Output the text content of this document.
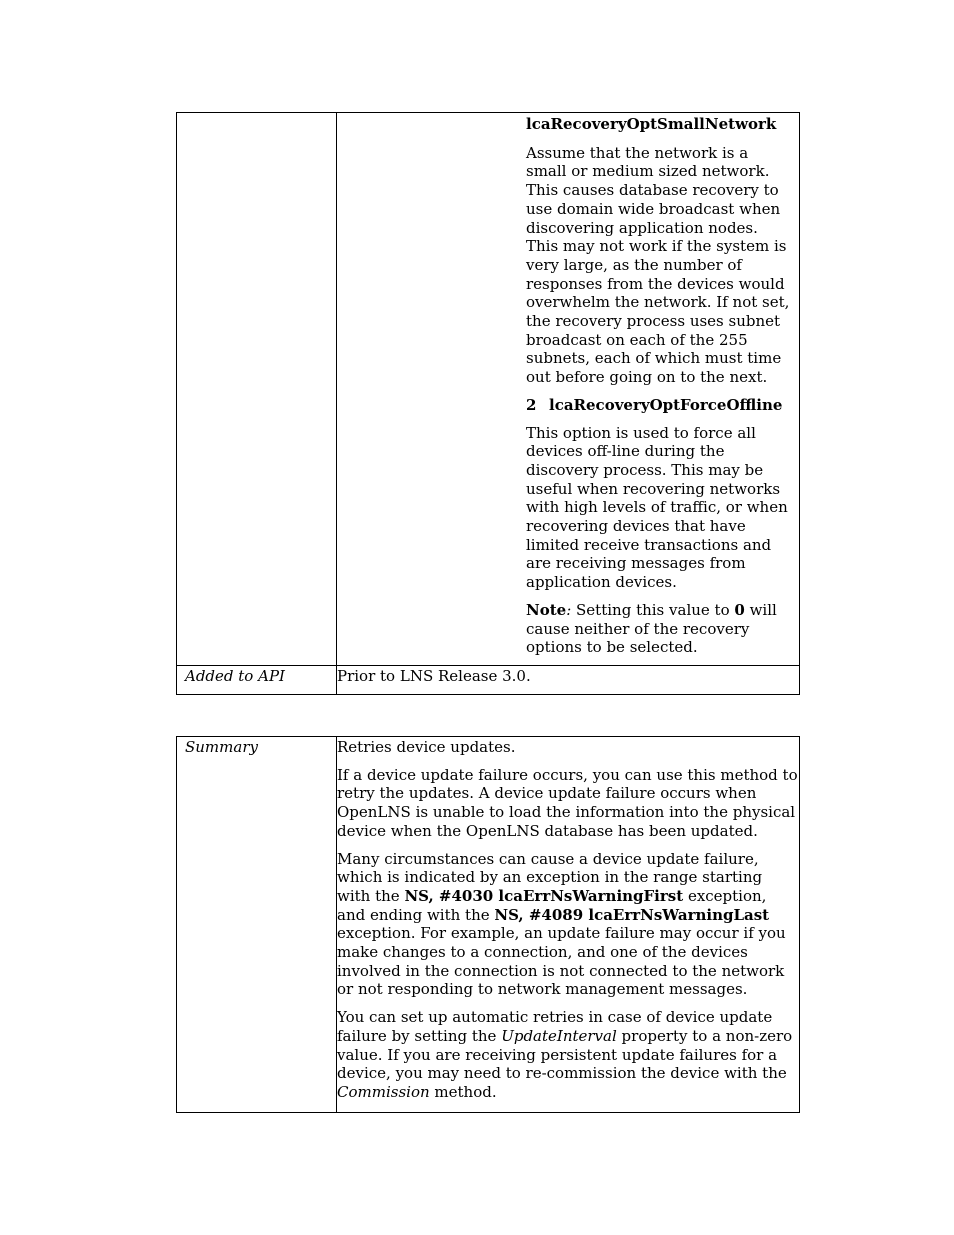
	lcaRecoveryOptSmallNetwork

Assume that the network is a small or medium sized network. This causes database recovery to use domain wide broadcast when discovering application nodes. This may not work if the system is very large, as the number of responses from the devices would overwhelm the network. If not set, the recovery process uses subnet broadcast on each of the 255 subnets, each of which must time out before going on to the next.

2 lcaRecoveryOptForceOffline

This option is used to force all devices off-line during the discovery process. This may be useful when recovering networks with high levels of traffic, or when recovering devices that have limited receive transactions and are receiving messages from application devices.

Note: Setting this value to 0 will cause neither of the recovery options to be selected.

Added to API	Prior to LNS Release 3.0.
Summary	Retries device updates.

If a device update failure occurs, you can use this method to retry the updates. A device update failure occurs when OpenLNS is unable to load the information into the physical device when the OpenLNS database has been updated.

Many circumstances can cause a device update failure, which is indicated by an exception in the range starting with the NS, #4030 lcaErrNsWarningFirst exception, and ending with the NS, #4089 lcaErrNsWarningLast exception. For example, an update failure may occur if you make changes to a connection, and one of the devices involved in the connection is not connected to the network or not responding to network management messages.

You can set up automatic retries in case of device update failure by setting the UpdateInterval property to a non-zero value. If you are receiving persistent update failures for a device, you may need to re-commission the device with the Commission method.
